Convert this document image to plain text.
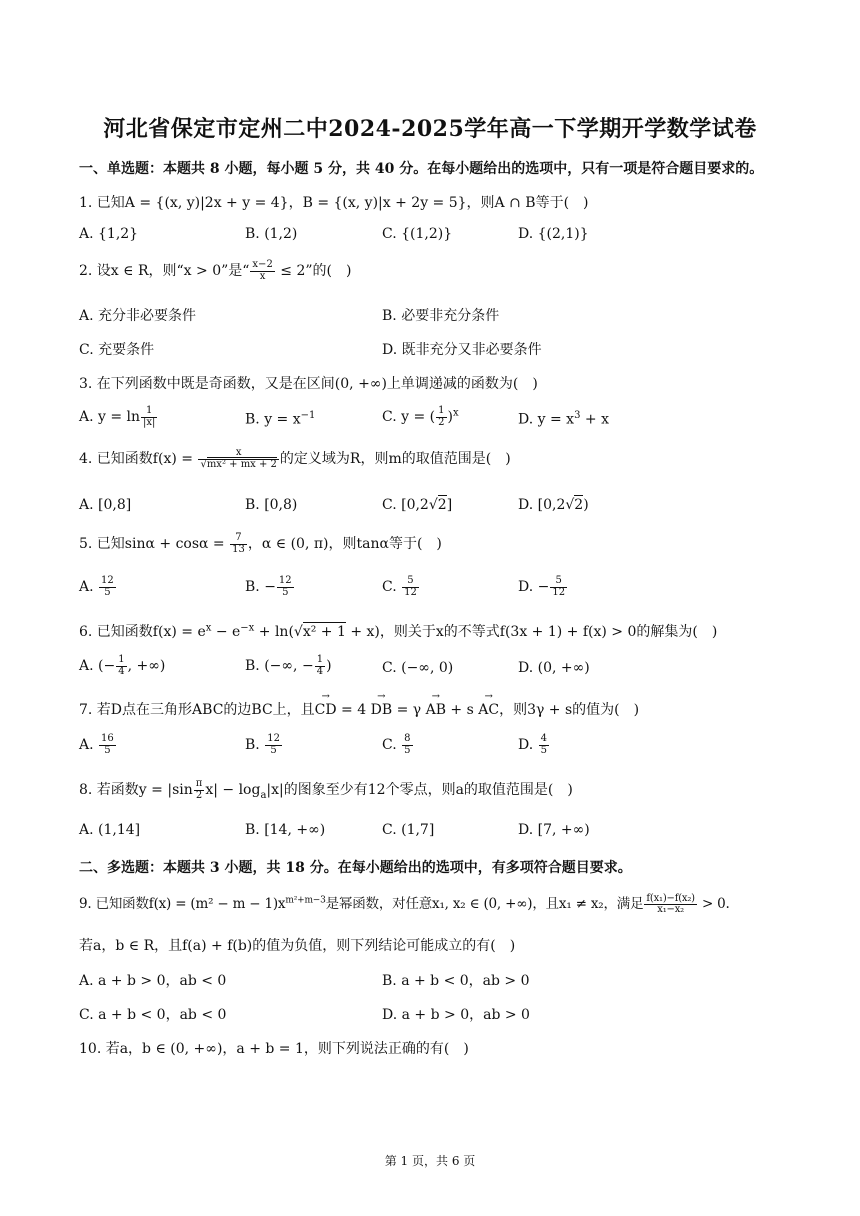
河北省保定市定州二中2024-2025学年高一下学期开学数学试卷
一、单选题：本题共 8 小题，每小题 5 分，共 40 分。在每小题给出的选项中，只有一项是符合题目要求的。
1. 已知A = {(x, y)|2x + y = 4}，B = {(x, y)|x + 2y = 5}，则A ∩ B等于(　)
A. {1,2}	B. (1,2)	C. {(1,2)}	D. {(2,1)}
2. 设x ∈ R，则“x > 0”是“ $\frac{x-2}{x} \le 2$”的(　)
A. 充分非必要条件	B. 必要非充分条件
C. 充要条件	D. 既非充分又非必要条件
3. 在下列函数中既是奇函数，又是在区间(0, +∞)上单调递减的函数为(　)
A. $y = \ln \frac{1}{|x|}$	B. $y = x^{-1}$	C. y = ( $\frac{1}{2} )^x$	D. $y = x^3 + x$
4. 已知函数$f(x) = \frac{x}{\text{√mx² + mx + 2}}$ 的定义域为R，则m的取值范围是(　)
A. [0,8]	B. [0,8)	C. [0,2√2]	D. [0,2√2)
5. 已知$\sin\alpha + \cos\alpha = \frac{7}{13}$ ，α ∈ (0, π)，则tanα等于(　)
A. $\frac{12}{5}$	B. − $\frac{12}{5}$	C. $\frac{5}{12}$	D. − $\frac{5}{12}$
6. 已知函数$f(x) = e^x - e^{-x} + \ln(√x^2 + 1 + x)$，则关于x的不等式f(3x + 1) + f(x) > 0的解集为(　)
A. (− $\frac{1}{4}$ , +∞)	B. (−∞, − $\frac{1}{4}$ )	C. (−∞, 0)	D. (0, +∞)
7. 若D点在三角形ABC的边BC上，且→ CD = 4 → DB = γ → AB + s → AC，则3γ + s的值为(　)
A. $\frac{16}{5}$	B. $\frac{12}{5}$	C. $\frac{8}{5}$	D. $\frac{4}{5}$
8. 若函数$y = |\sin \frac{\pi}{2} x| - \log_a|x|$的图象至少有12个零点，则a的取值范围是(　)
A. (1,14]	B. [14, +∞)	C. (1,7]	D. [7, +∞)
二、多选题：本题共 3 小题，共 18 分。在每小题给出的选项中，有多项符合题目要求。
9. 已知函数$f(x) = (m^2 - m - 1)x^{m^2+m-3}$是幂函数，对任意x₁, x₂ ∈ (0, +∞)，且x₁ ≠ x₂，满足 $\frac{\text{f(x₁)−f(x₂)}}{\text{x₁−x₂}} > 0$.
若a，b ∈ R，且f(a) + f(b)的值为负值，则下列结论可能成立的有(　)
A. a + b > 0，ab < 0	B. a + b < 0，ab > 0
C. a + b < 0，ab < 0	D. a + b > 0，ab > 0
10. 若a，b ∈ (0, +∞)，a + b = 1，则下列说法正确的有(　)
第 1 页，共 6 页
